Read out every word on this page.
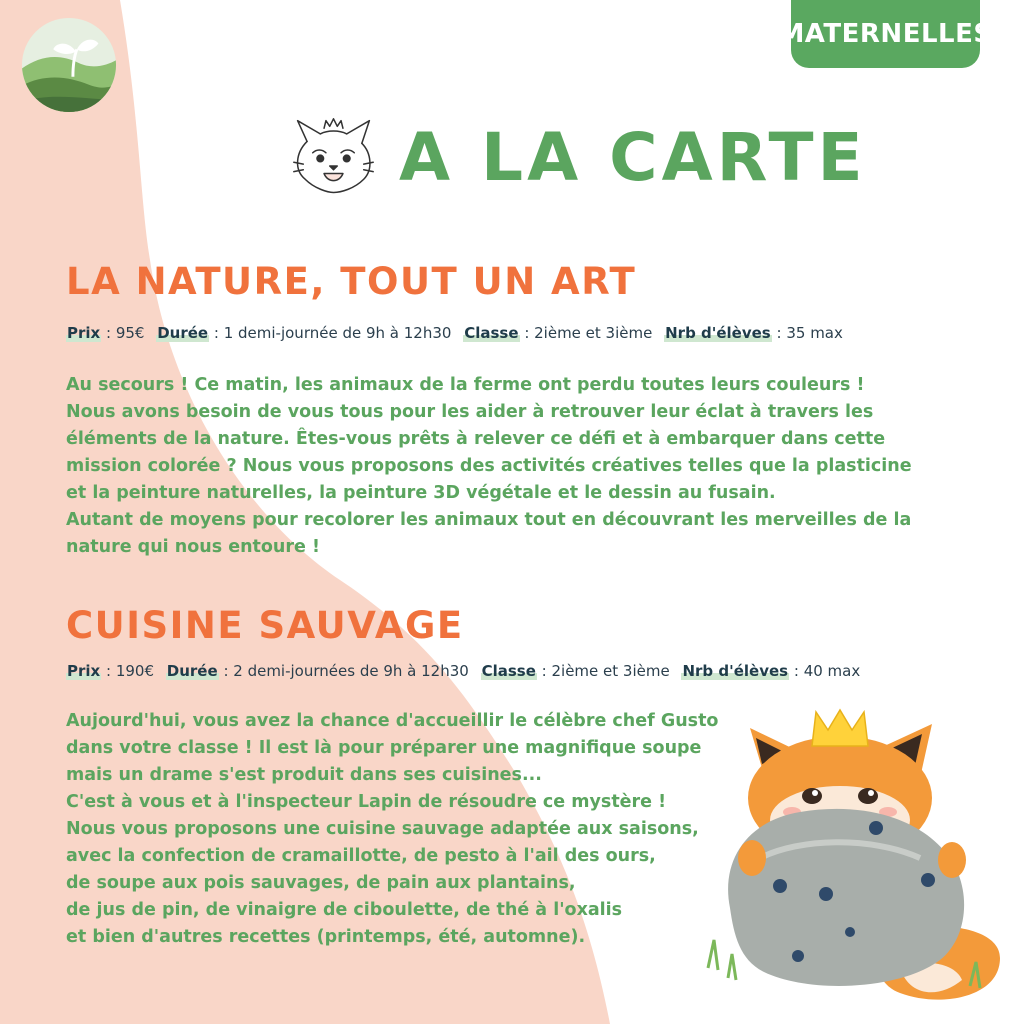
MATERNELLES
A LA CARTE
LA NATURE, TOUT UN ART
Prix : 95€ Durée : 1 demi-journée de 9h à 12h30 Classe : 2ième et 3ième Nrb d'élèves : 35 max
Au secours ! Ce matin, les animaux de la ferme ont perdu toutes leurs couleurs !
Nous avons besoin de vous tous pour les aider à retrouver leur éclat à travers les
éléments de la nature. Êtes-vous prêts à relever ce défi et à embarquer dans cette
mission colorée ? Nous vous proposons des activités créatives telles que la plasticine
et la peinture naturelles, la peinture 3D végétale et le dessin au fusain.
Autant de moyens pour recolorer les animaux tout en découvrant les merveilles de la
nature qui nous entoure !
CUISINE SAUVAGE
Prix : 190€ Durée : 2 demi-journées de 9h à 12h30 Classe : 2ième et 3ième Nrb d'élèves : 40 max
Aujourd'hui, vous avez la chance d'accueillir le célèbre chef Gusto
dans votre classe ! Il est là pour préparer une magnifique soupe
mais un drame s'est produit dans ses cuisines...
C'est à vous et à l'inspecteur Lapin de résoudre ce mystère !
Nous vous proposons une cuisine sauvage adaptée aux saisons,
avec la confection de cramaillotte, de pesto à l'ail des ours,
de soupe aux pois sauvages, de pain aux plantains,
de jus de pin, de vinaigre de ciboulette, de thé à l'oxalis
et bien d'autres recettes (printemps, été, automne).
